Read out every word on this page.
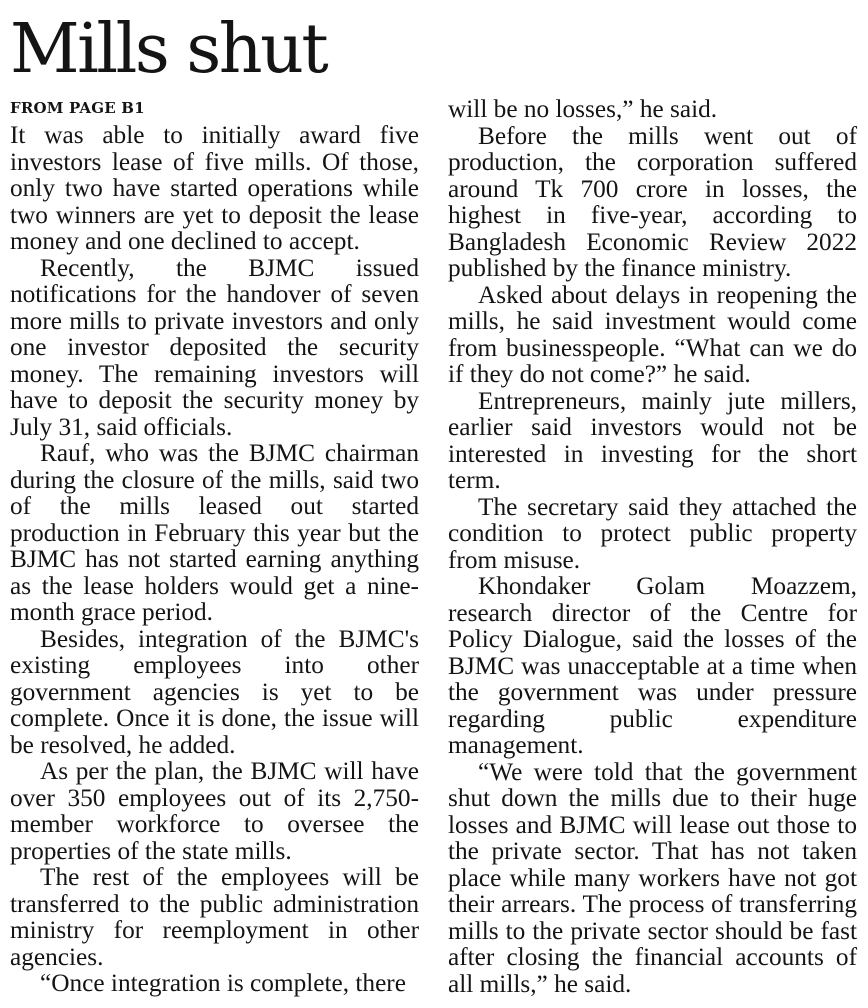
Mills shut
FROM PAGE B1

It was able to initially award five investors lease of five mills. Of those, only two have started operations while two winners are yet to deposit the lease money and one declined to accept.

Recently, the BJMC issued notifications for the handover of seven more mills to private investors and only one investor deposited the security money. The remaining investors will have to deposit the security money by July 31, said officials.

Rauf, who was the BJMC chairman during the closure of the mills, said two of the mills leased out started production in February this year but the BJMC has not started earning anything as the lease holders would get a nine-month grace period.

Besides, integration of the BJMC's existing employees into other government agencies is yet to be complete. Once it is done, the issue will be resolved, he added.

As per the plan, the BJMC will have over 350 employees out of its 2,750-member workforce to oversee the properties of the state mills.

The rest of the employees will be transferred to the public administration ministry for reemployment in other agencies.

“Once integration is complete, there

will be no losses,” he said.

Before the mills went out of production, the corporation suffered around Tk 700 crore in losses, the highest in five-year, according to Bangladesh Economic Review 2022 published by the finance ministry.

Asked about delays in reopening the mills, he said investment would come from businesspeople. “What can we do if they do not come?” he said.

Entrepreneurs, mainly jute millers, earlier said investors would not be interested in investing for the short term.

The secretary said they attached the condition to protect public property from misuse.

Khondaker Golam Moazzem, research director of the Centre for Policy Dialogue, said the losses of the BJMC was unacceptable at a time when the government was under pressure regarding public expenditure management.

“We were told that the government shut down the mills due to their huge losses and BJMC will lease out those to the private sector. That has not taken place while many workers have not got their arrears. The process of transferring mills to the private sector should be fast after closing the financial accounts of all mills,” he said.
